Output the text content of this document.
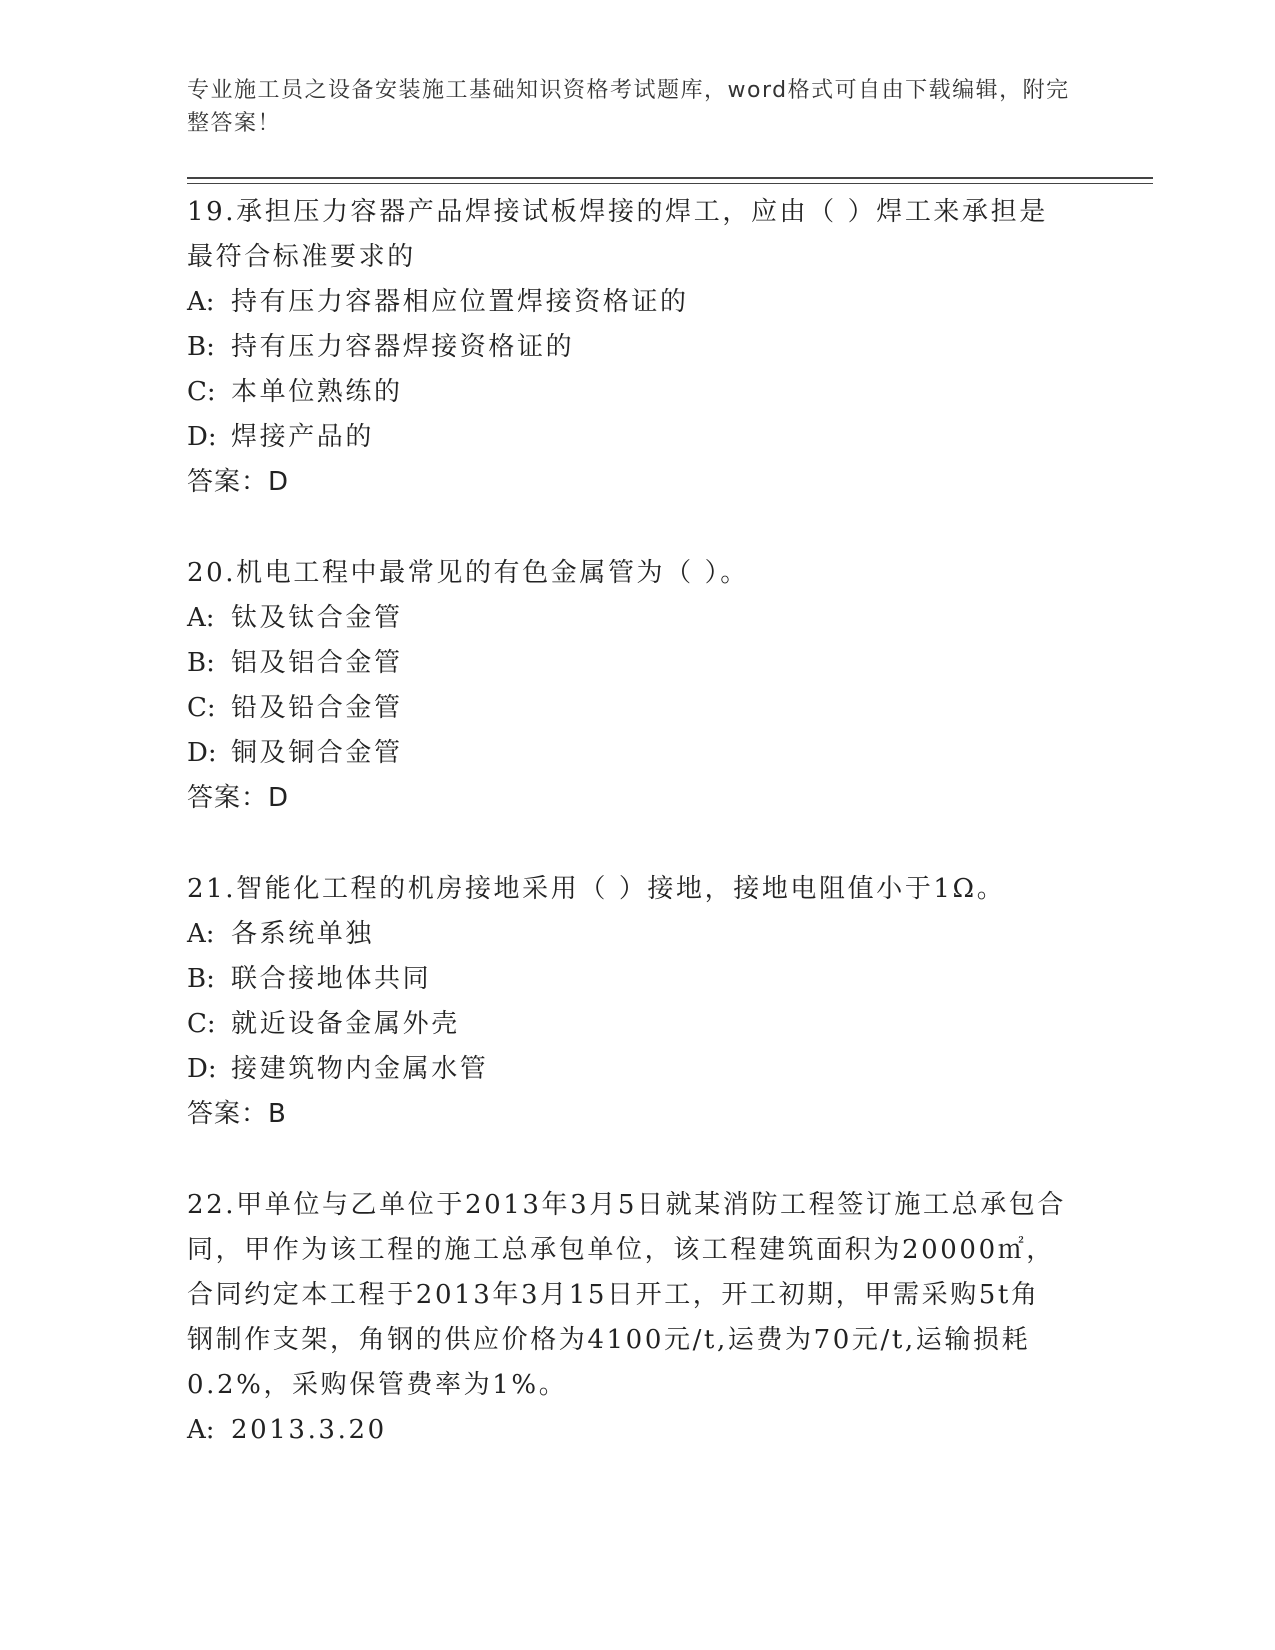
专业施工员之设备安装施工基础知识资格考试题库，word格式可自由下载编辑，附完整答案！

19.承担压力容器产品焊接试板焊接的焊工，应由（ ）焊工来承担是最符合标准要求的

A: 持有压力容器相应位置焊接资格证的

B: 持有压力容器焊接资格证的

C: 本单位熟练的

D: 焊接产品的

答案：D

20.机电工程中最常见的有色金属管为（ ）。

A: 钛及钛合金管

B: 铝及铝合金管

C: 铅及铅合金管

D: 铜及铜合金管

答案：D

21.智能化工程的机房接地采用（ ）接地，接地电阻值小于1Ω。

A: 各系统单独

B: 联合接地体共同

C: 就近设备金属外壳

D: 接建筑物内金属水管

答案：B

22.甲单位与乙单位于2013年3月5日就某消防工程签订施工总承包合同，甲作为该工程的施工总承包单位，该工程建筑面积为20000㎡，合同约定本工程于2013年3月15日开工，开工初期，甲需采购5t角钢制作支架，角钢的供应价格为4100元/t,运费为70元/t,运输损耗0.2%，采购保管费率为1%。

A: 2013.3.20
